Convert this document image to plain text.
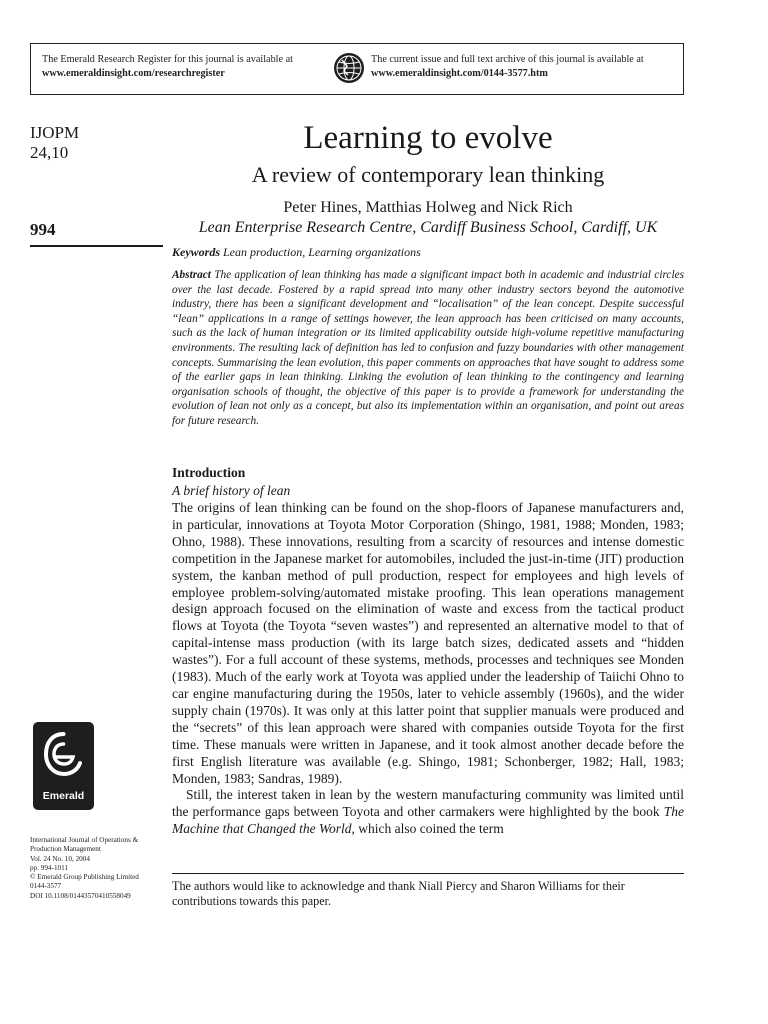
The Emerald Research Register for this journal is available at
www.emeraldinsight.com/researchregister
The current issue and full text archive of this journal is available at
www.emeraldinsight.com/0144-3577.htm
IJOPM
24,10
994
Learning to evolve
A review of contemporary lean thinking
Peter Hines, Matthias Holweg and Nick Rich
Lean Enterprise Research Centre, Cardiff Business School, Cardiff, UK
Keywords Lean production, Learning organizations

Abstract The application of lean thinking has made a significant impact both in academic and industrial circles over the last decade. Fostered by a rapid spread into many other industry sectors beyond the automotive industry, there has been a significant development and “localisation” of the lean concept. Despite successful “lean” applications in a range of settings however, the lean approach has been criticised on many accounts, such as the lack of human integration or its limited applicability outside high-volume repetitive manufacturing environments. The resulting lack of definition has led to confusion and fuzzy boundaries with other management concepts. Summarising the lean evolution, this paper comments on approaches that have sought to address some of the earlier gaps in lean thinking. Linking the evolution of lean thinking to the contingency and learning organisation schools of thought, the objective of this paper is to provide a framework for understanding the evolution of lean not only as a concept, but also its implementation within an organisation, and point out areas for future research.

Introduction
A brief history of lean

The origins of lean thinking can be found on the shop-floors of Japanese manufacturers and, in particular, innovations at Toyota Motor Corporation (Shingo, 1981, 1988; Monden, 1983; Ohno, 1988). These innovations, resulting from a scarcity of resources and intense domestic competition in the Japanese market for automobiles, included the just-in-time (JIT) production system, the kanban method of pull production, respect for employees and high levels of employee problem-solving/automated mistake proofing. This lean operations management design approach focused on the elimination of waste and excess from the tactical product flows at Toyota (the Toyota “seven wastes”) and represented an alternative model to that of capital-intense mass production (with its large batch sizes, dedicated assets and “hidden wastes”). For a full account of these systems, methods, processes and techniques see Monden (1983). Much of the early work at Toyota was applied under the leadership of Taiichi Ohno to car engine manufacturing during the 1950s, later to vehicle assembly (1960s), and the wider supply chain (1970s). It was only at this latter point that supplier manuals were produced and the “secrets” of this lean approach were shared with companies outside Toyota for the first time. These manuals were written in Japanese, and it took almost another decade before the first English literature was available (e.g. Shingo, 1981; Schonberger, 1982; Hall, 1983; Monden, 1983; Sandras, 1989).

Still, the interest taken in lean by the western manufacturing community was limited until the performance gaps between Toyota and other carmakers were highlighted by the book The Machine that Changed the World, which also coined the term

The authors would like to acknowledge and thank Niall Piercy and Sharon Williams for their contributions towards this paper.

Emerald
International Journal of Operations &
Production Management
Vol. 24 No. 10, 2004
pp. 994-1011
© Emerald Group Publishing Limited
0144-3577
DOI 10.1108/01443570410558049
